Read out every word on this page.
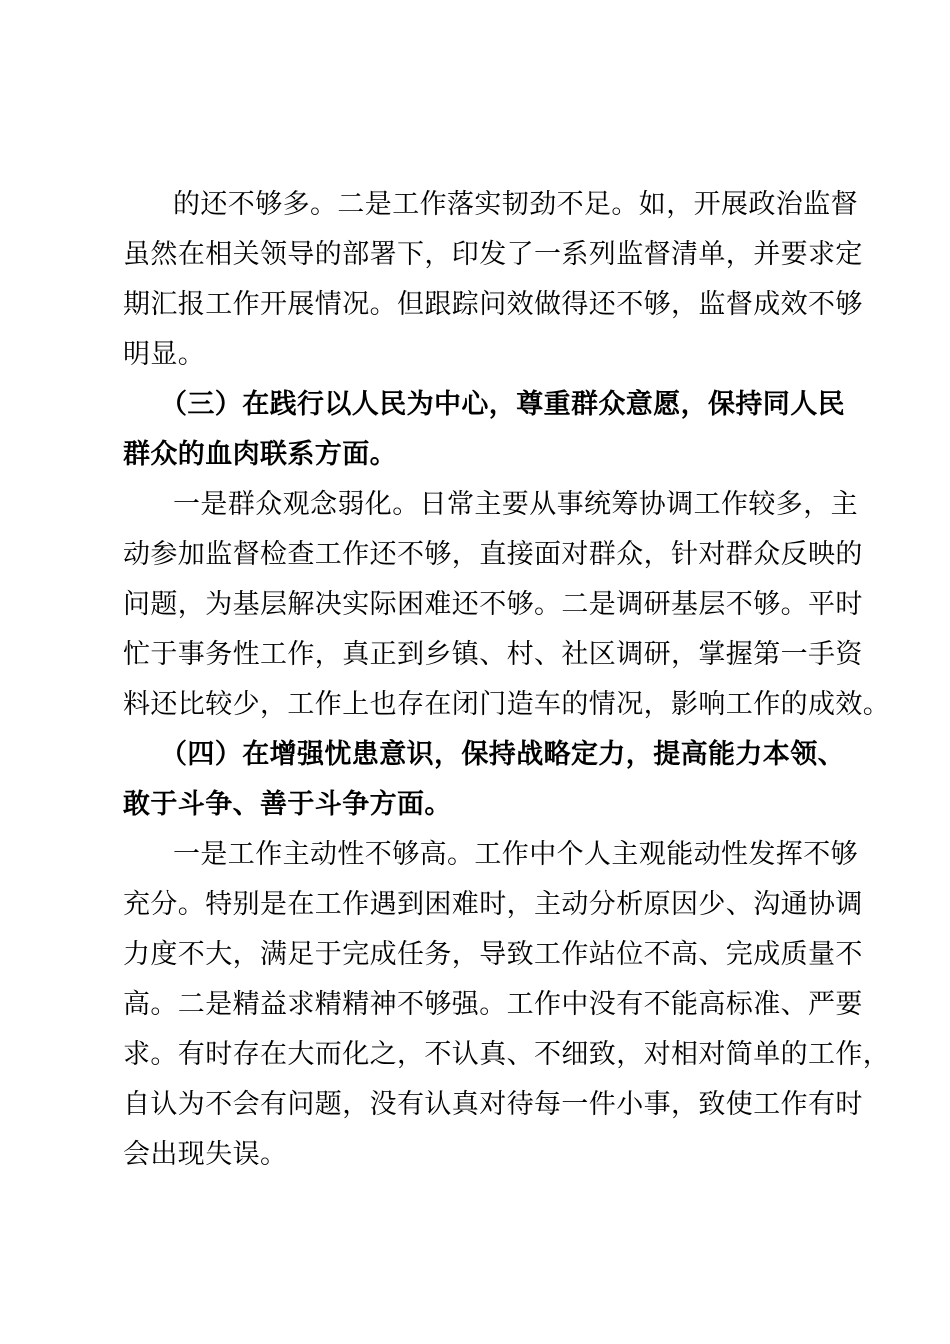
的还不够多。二是工作落实韧劲不足。如，开展政治监督
虽然在相关领导的部署下，印发了一系列监督清单，并要求定
期汇报工作开展情况。但跟踪问效做得还不够，监督成效不够
明显。
（三）在践行以人民为中心，尊重群众意愿，保持同人民
群众的血肉联系方面。
一是群众观念弱化。日常主要从事统筹协调工作较多，主
动参加监督检查工作还不够，直接面对群众，针对群众反映的
问题，为基层解决实际困难还不够。二是调研基层不够。平时
忙于事务性工作，真正到乡镇、村、社区调研，掌握第一手资
料还比较少，工作上也存在闭门造车的情况，影响工作的成效。
（四）在增强忧患意识，保持战略定力，提高能力本领、
敢于斗争、善于斗争方面。
一是工作主动性不够高。工作中个人主观能动性发挥不够
充分。特别是在工作遇到困难时，主动分析原因少、沟通协调
力度不大，满足于完成任务，导致工作站位不高、完成质量不
高。二是精益求精精神不够强。工作中没有不能高标准、严要
求。有时存在大而化之，不认真、不细致，对相对简单的工作，
自认为不会有问题，没有认真对待每一件小事，致使工作有时
会出现失误。
